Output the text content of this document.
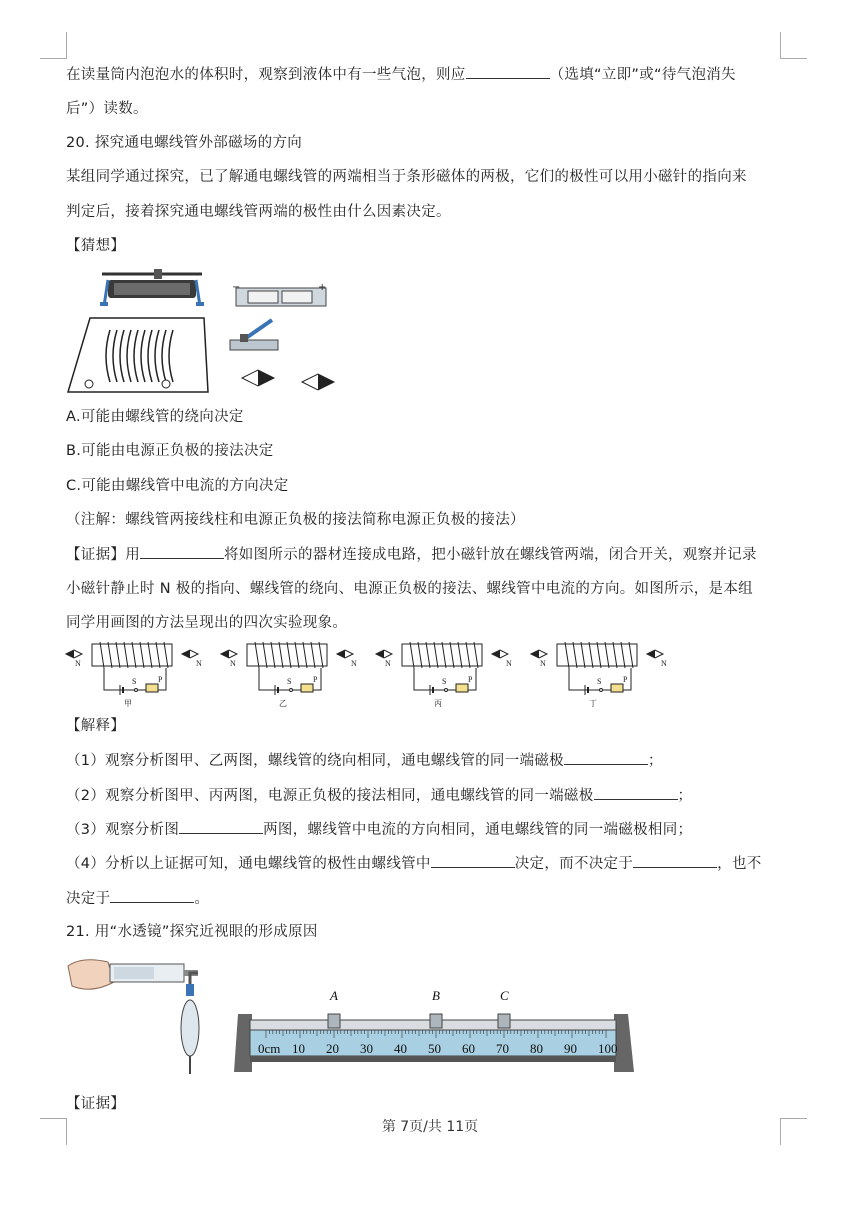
在读量筒内泡泡水的体积时，观察到液体中有一些气泡，则应	（选填“立即”或“待气泡消失
后”）读数。
20. 探究通电螺线管外部磁场的方向
某组同学通过探究，已了解通电螺线管的两端相当于条形磁体的两极，它们的极性可以用小磁针的指向来
判定后，接着探究通电螺线管两端的极性由什么因素决定。
【猜想】
−	+
A.可能由螺线管的绕向决定
B.可能由电源正负极的接法决定
C.可能由螺线管中电流的方向决定
（注解：螺线管两接线柱和电源正负极的接法简称电源正负极的接法）
【证据】用	将如图所示的器材连接成电路，把小磁针放在螺线管两端，闭合开关，观察并记录
小磁针静止时 N 极的指向、螺线管的绕向、电源正负极的接法、螺线管中电流的方向。如图所示，是本组
同学用画图的方法呈现出的四次实验现象。
N	N
S	P
甲
N	N
S	P
乙
N	N
S	P
丙
N	N
S	P
丁
【解释】
（1）观察分析图甲、乙两图，螺线管的绕向相同，通电螺线管的同一端磁极	；
（2）观察分析图甲、丙两图，电源正负极的接法相同，通电螺线管的同一端磁极	；
（3）观察分析图	两图，螺线管中电流的方向相同，通电螺线管的同一端磁极相同；
（4）分析以上证据可知，通电螺线管的极性由螺线管中	决定，而不决定于	，也不
决定于	。
21. 用“水透镜”探究近视眼的形成原因
0cm 10 20 30 40 50 60 70 80 90 100
A	B	C
【证据】
第 7页/共 11页
